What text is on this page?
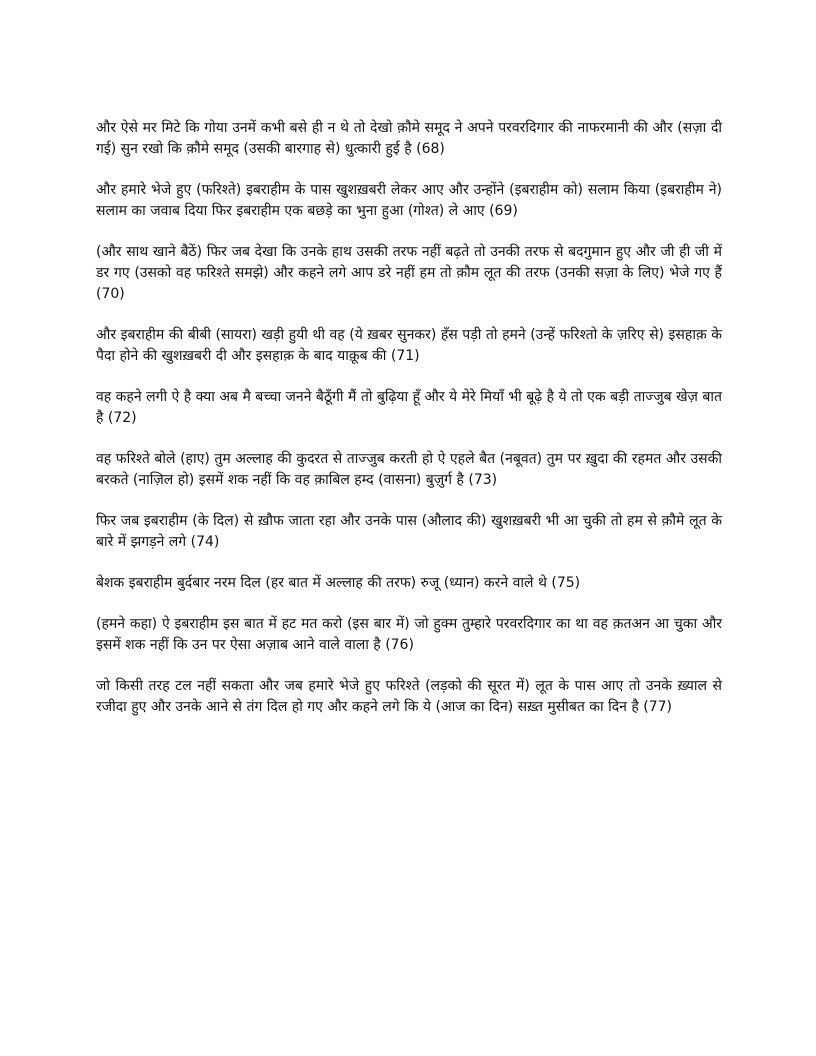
और ऐसे मर मिटे कि गोया उनमें कभी बसे ही न थे तो देखो क़ौमे समूद ने अपने परवरदिगार की नाफरमानी की और (सज़ा दी गई) सुन रखो कि क़ौमे समूद (उसकी बारगाह से) धुत्कारी हुई है (68)

और हमारे भेजे हुए (फरिश्ते) इबराहीम के पास खुशख़बरी लेकर आए और उन्होंने (इबराहीम को) सलाम किया (इबराहीम ने) सलाम का जवाब दिया फिर इबराहीम एक बछड़े का भुना हुआ (गोश्त) ले आए (69)

(और साथ खाने बैठें) फिर जब देखा कि उनके हाथ उसकी तरफ नहीं बढ़ते तो उनकी तरफ से बदगुमान हुए और जी ही जी में डर गए (उसको वह फरिश्ते समझे) और कहने लगे आप डरे नहीं हम तो क़ौम लूत की तरफ (उनकी सज़ा के लिए) भेजे गए हैं (70)

और इबराहीम की बीबी (सायरा) खड़ी हुयी थी वह (ये ख़बर सुनकर) हँस पड़ी तो हमने (उन्हें फरिश्तो के ज़रिए से) इसहाक़ के पैदा होने की खुशख़बरी दी और इसहाक़ के बाद याक़ूब की (71)

वह कहने लगी ऐ है क्या अब मै बच्चा जनने बैठूँगी मैं तो बुढ़िया हूँ और ये मेरे मियाँ भी बूढ़े है ये तो एक बड़ी ताज्जुब खेज़ बात है (72)

वह फरिश्ते बोले (हाए) तुम अल्लाह की कुदरत से ताज्जुब करती हो ऐ एहले बैत (नबूवत) तुम पर ख़ुदा की रहमत और उसकी बरकते (नाज़िल हो) इसमें शक नहीं कि वह क़ाबिल हम्द (वासना) बुज़ुर्ग है (73)

फिर जब इबराहीम (के दिल) से ख़ौफ जाता रहा और उनके पास (औलाद की) खुशख़बरी भी आ चुकी तो हम से क़ौमे लूत के बारे में झगड़ने लगे (74)

बेशक इबराहीम बुर्दबार नरम दिल (हर बात में अल्लाह की तरफ) रुजू (ध्यान) करने वाले थे (75)

(हमने कहा) ऐ इबराहीम इस बात में हट मत करो (इस बार में) जो हुक्म तुम्हारे परवरदिगार का था वह क़तअन आ चुका और इसमें शक नहीं कि उन पर ऐसा अज़ाब आने वाले वाला है (76)

जो किसी तरह टल नहीं सकता और जब हमारे भेजे हुए फरिश्ते (लड़को की सूरत में) लूत के पास आए तो उनके ख़्याल से रजीदा हुए और उनके आने से तंग दिल हो गए और कहने लगे कि ये (आज का दिन) सख़्त मुसीबत का दिन है (77)
